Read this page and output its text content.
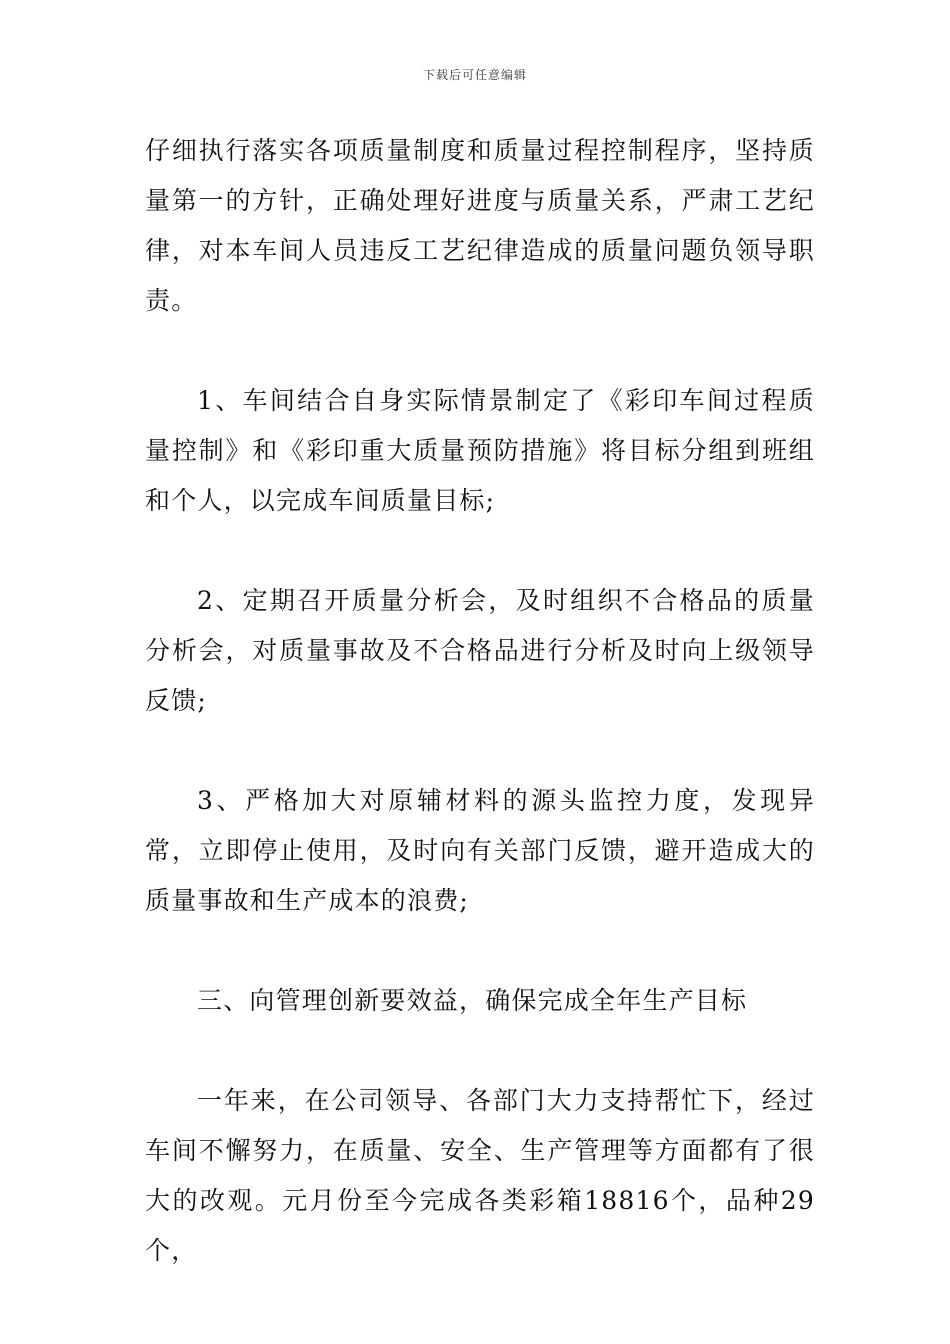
下载后可任意编辑

仔细执行落实各项质量制度和质量过程控制程序，坚持质量第一的方针，正确处理好进度与质量关系，严肃工艺纪律，对本车间人员违反工艺纪律造成的质量问题负领导职责。

1、车间结合自身实际情景制定了《彩印车间过程质量控制》和《彩印重大质量预防措施》将目标分组到班组和个人，以完成车间质量目标;

2、定期召开质量分析会，及时组织不合格品的质量分析会，对质量事故及不合格品进行分析及时向上级领导反馈;

3、严格加大对原辅材料的源头监控力度，发现异常，立即停止使用，及时向有关部门反馈，避开造成大的质量事故和生产成本的浪费;

三、向管理创新要效益，确保完成全年生产目标

一年来，在公司领导、各部门大力支持帮忙下，经过车间不懈努力，在质量、安全、生产管理等方面都有了很大的改观。元月份至今完成各类彩箱18816个，品种29个，
